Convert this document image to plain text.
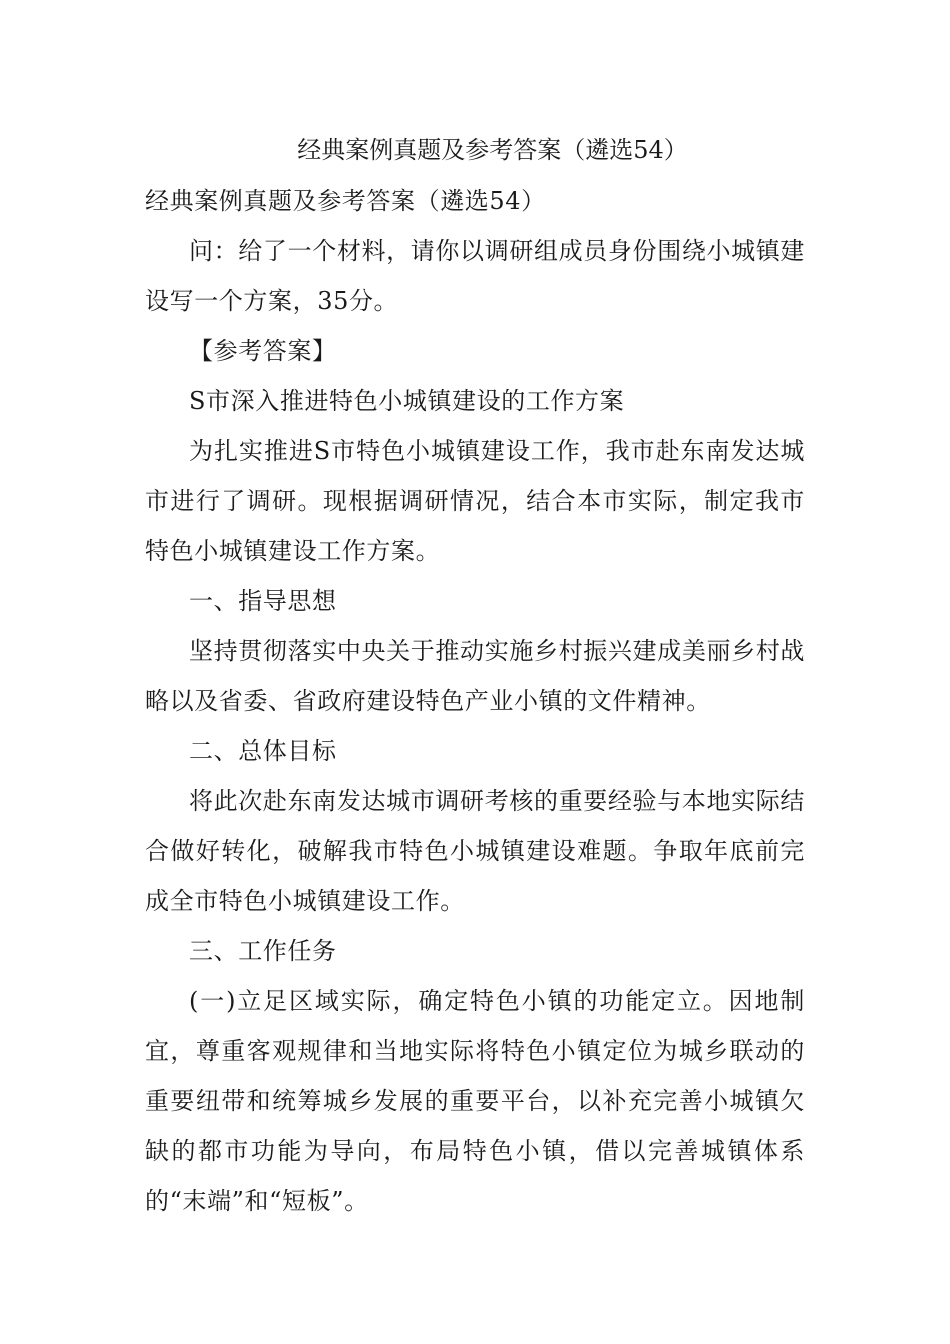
经典案例真题及参考答案（遴选54）

经典案例真题及参考答案（遴选54）

问：给了一个材料，请你以调研组成员身份围绕小城镇建设写一个方案，35分。

【参考答案】

S市深入推进特色小城镇建设的工作方案

为扎实推进S市特色小城镇建设工作，我市赴东南发达城市进行了调研。现根据调研情况，结合本市实际，制定我市特色小城镇建设工作方案。

一、指导思想

坚持贯彻落实中央关于推动实施乡村振兴建成美丽乡村战略以及省委、省政府建设特色产业小镇的文件精神。

二、总体目标

将此次赴东南发达城市调研考核的重要经验与本地实际结合做好转化，破解我市特色小城镇建设难题。争取年底前完成全市特色小城镇建设工作。

三、工作任务

(一)立足区域实际，确定特色小镇的功能定立。因地制宜，尊重客观规律和当地实际将特色小镇定位为城乡联动的重要纽带和统筹城乡发展的重要平台，以补充完善小城镇欠缺的都市功能为导向，布局特色小镇，借以完善城镇体系的“末端”和“短板”。
